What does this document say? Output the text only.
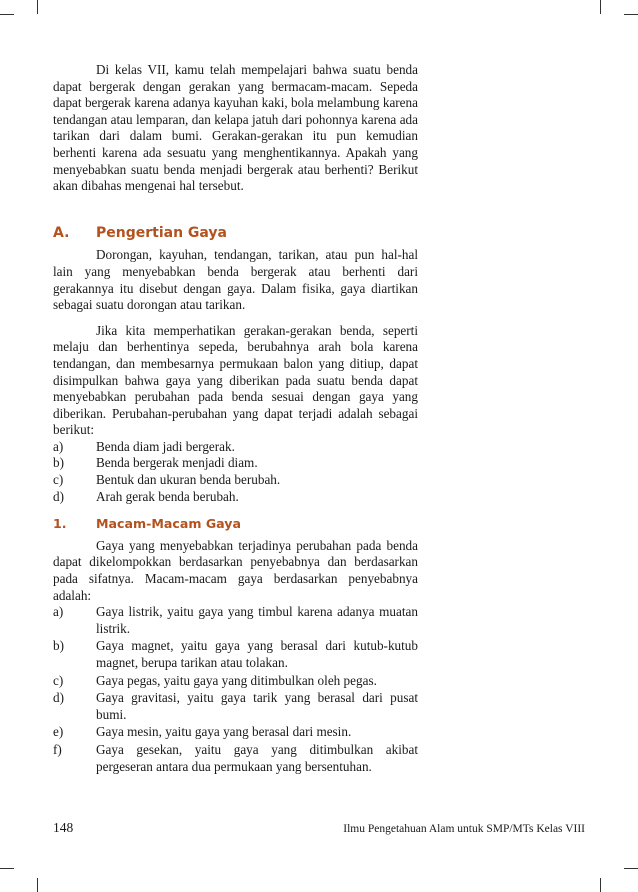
Di kelas VII, kamu telah mempelajari bahwa suatu benda dapat bergerak dengan gerakan yang bermacam-macam. Sepeda dapat bergerak karena adanya kayuhan kaki, bola melambung karena tendangan atau lemparan, dan kelapa jatuh dari pohonnya karena ada tarikan dari dalam bumi. Gerakan-gerakan itu pun kemudian berhenti karena ada sesuatu yang menghentikannya. Apakah yang menyebabkan suatu benda menjadi bergerak atau berhenti? Berikut akan dibahas mengenai hal tersebut.

A.	Pengertian Gaya

Dorongan, kayuhan, tendangan, tarikan, atau pun hal-hal lain yang menyebabkan benda bergerak atau berhenti dari gerakannya itu disebut dengan gaya. Dalam fisika, gaya diartikan sebagai suatu dorongan atau tarikan.

Jika kita memperhatikan gerakan-gerakan benda, seperti melaju dan berhentinya sepeda, berubahnya arah bola karena tendangan, dan membesarnya permukaan balon yang ditiup, dapat disimpulkan bahwa gaya yang diberikan pada suatu benda dapat menyebabkan perubahan pada benda sesuai dengan gaya yang diberikan. Perubahan-perubahan yang dapat terjadi adalah sebagai berikut:

a)	Benda diam jadi bergerak.
b)	Benda bergerak menjadi diam.
c)	Bentuk dan ukuran benda berubah.
d)	Arah gerak benda berubah.
1.	Macam-Macam Gaya

Gaya yang menyebabkan terjadinya perubahan pada benda dapat dikelompokkan berdasarkan penyebabnya dan berdasarkan pada sifatnya. Macam-macam gaya berdasarkan penyebabnya adalah:

a)	Gaya listrik, yaitu gaya yang timbul karena adanya muatan listrik.
b)	Gaya magnet, yaitu gaya yang berasal dari kutub-kutub magnet, berupa tarikan atau tolakan.
c)	Gaya pegas, yaitu gaya yang ditimbulkan oleh pegas.
d)	Gaya gravitasi, yaitu gaya tarik yang berasal dari pusat bumi.
e)	Gaya mesin, yaitu gaya yang berasal dari mesin.
f)	Gaya gesekan, yaitu gaya yang ditimbulkan akibat pergeseran antara dua permukaan yang bersentuhan.
148	Ilmu Pengetahuan Alam untuk SMP/MTs Kelas VIII
